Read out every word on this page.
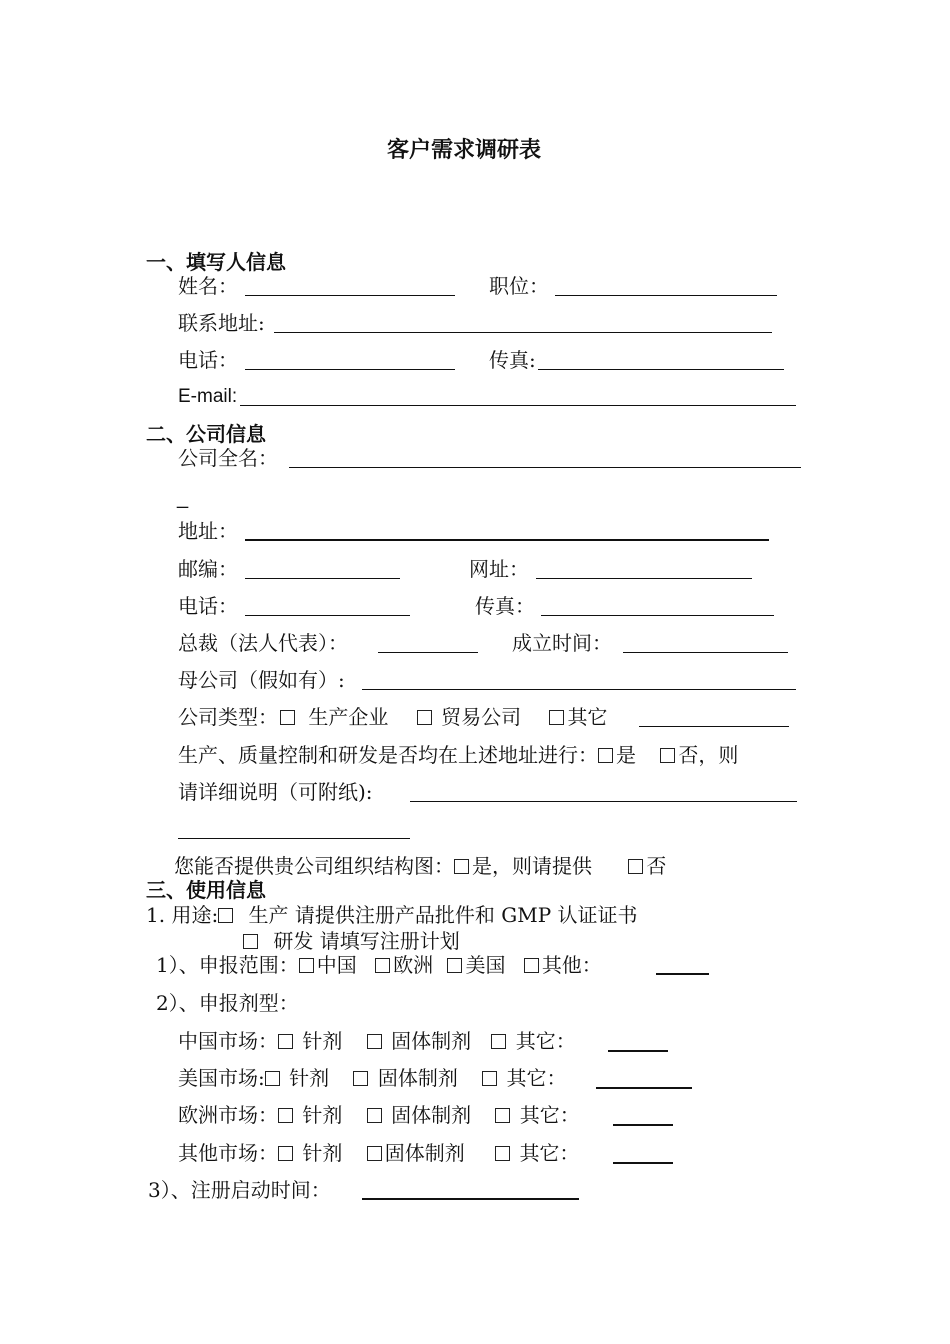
客户需求调研表
一、填写人信息
姓名：	职位：
联系地址:
电话：	传真:
E-mail:
二、公司信息
公司全名：
_
地址：
邮编：	网址：
电话：	传真：
总裁（法人代表）：	成立时间：
母公司（假如有）:
公司类型： 生产企业	贸易公司 其它
生产、质量控制和研发是否均在上述地址进行： 是 否，则
请详细说明（可附纸):
您能否提供贵公司组织结构图： 是，则请提供	否
三、使用信息
1. 用途: 生产 请提供注册产品批件和 GMP 认证证书
研发 请填写注册计划
1）、申报范围： 中国 欧洲 美国 其他：
2）、申报剂型：
中国市场： 针剂 固体制剂 其它：
美国市场: 针剂 固体制剂 其它：
欧洲市场： 针剂 固体制剂 其它：
其他市场： 针剂 固体制剂	其它：
3）、注册启动时间：
